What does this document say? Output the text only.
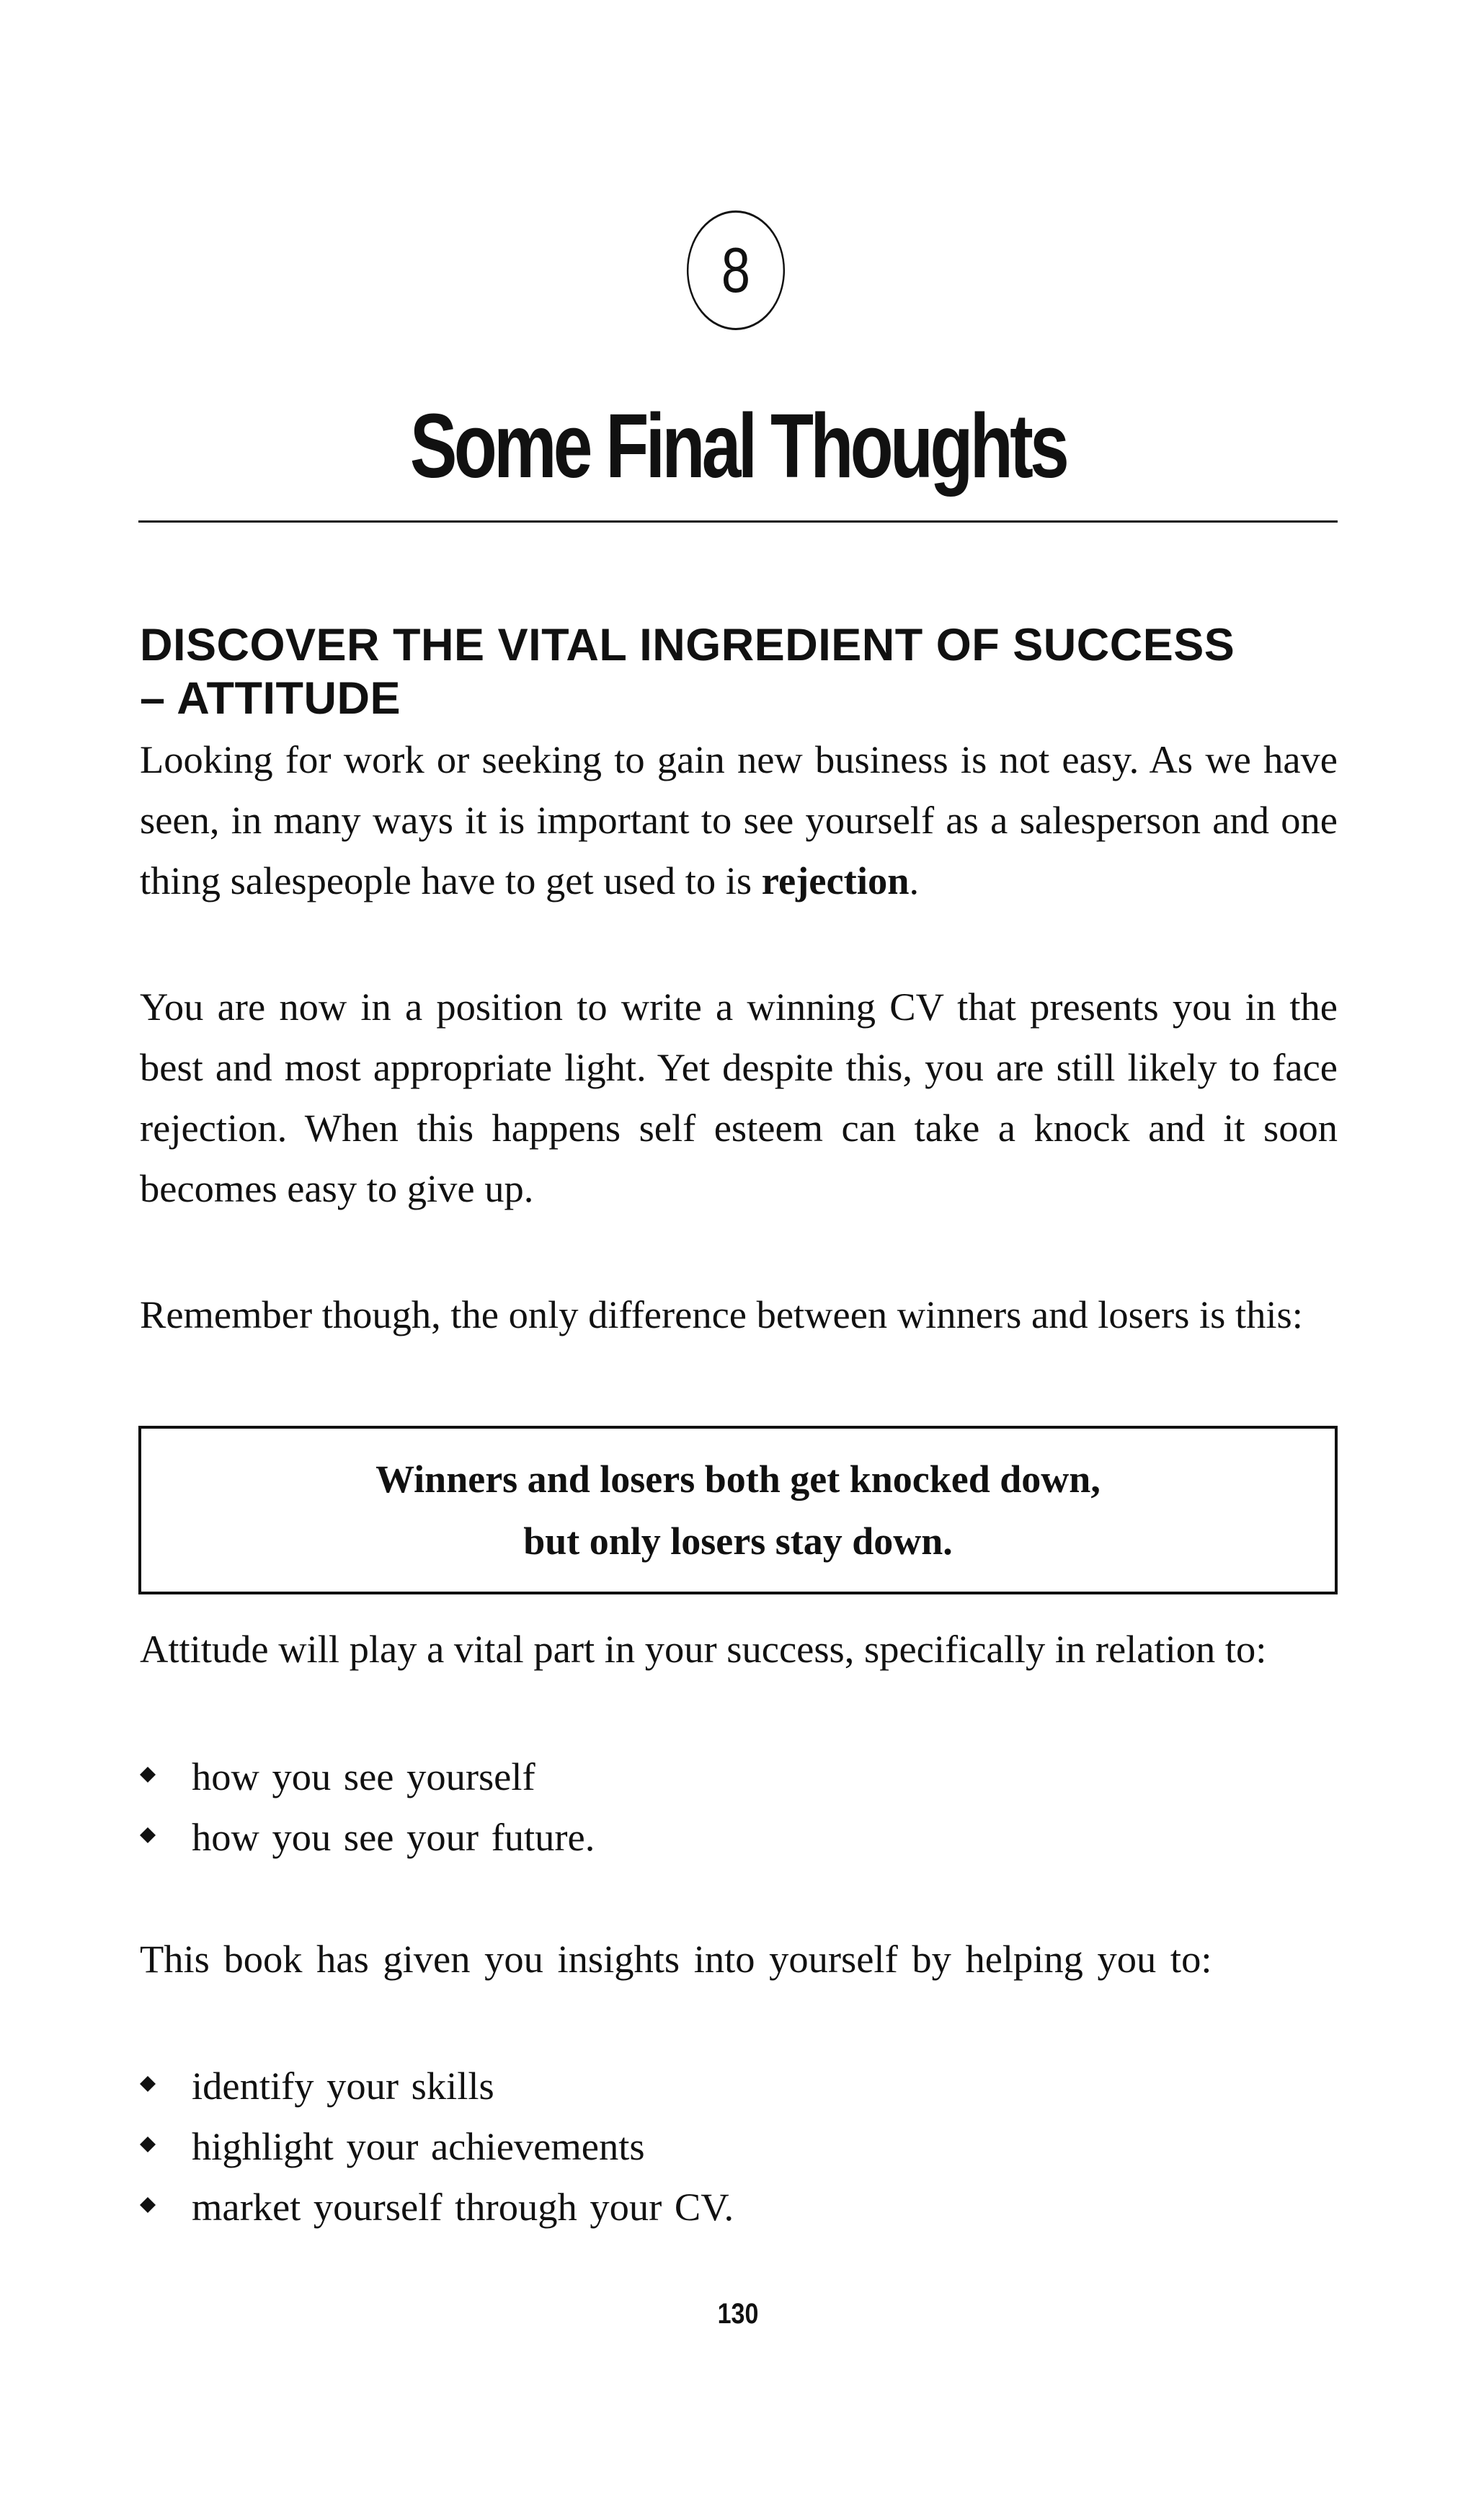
8
Some Final Thoughts
DISCOVER THE VITAL INGREDIENT OF SUCCESS
– ATTITUDE

Looking for work or seeking to gain new business is not easy. As we have seen, in many ways it is important to see yourself as a salesperson and one thing salespeople have to get used to is rejection.

You are now in a position to write a winning CV that presents you in the best and most appropriate light. Yet despite this, you are still likely to face rejection. When this happens self esteem can take a knock and it soon becomes easy to give up.

Remember though, the only difference between winners and losers is this:

Winners and losers both get knocked down,
but only losers stay down.

Attitude will play a vital part in your success, specifically in relation to:

how you see yourself
how you see your future.

This book has given you insights into yourself by helping you to:

identify your skills
highlight your achievements
market yourself through your CV.
130
